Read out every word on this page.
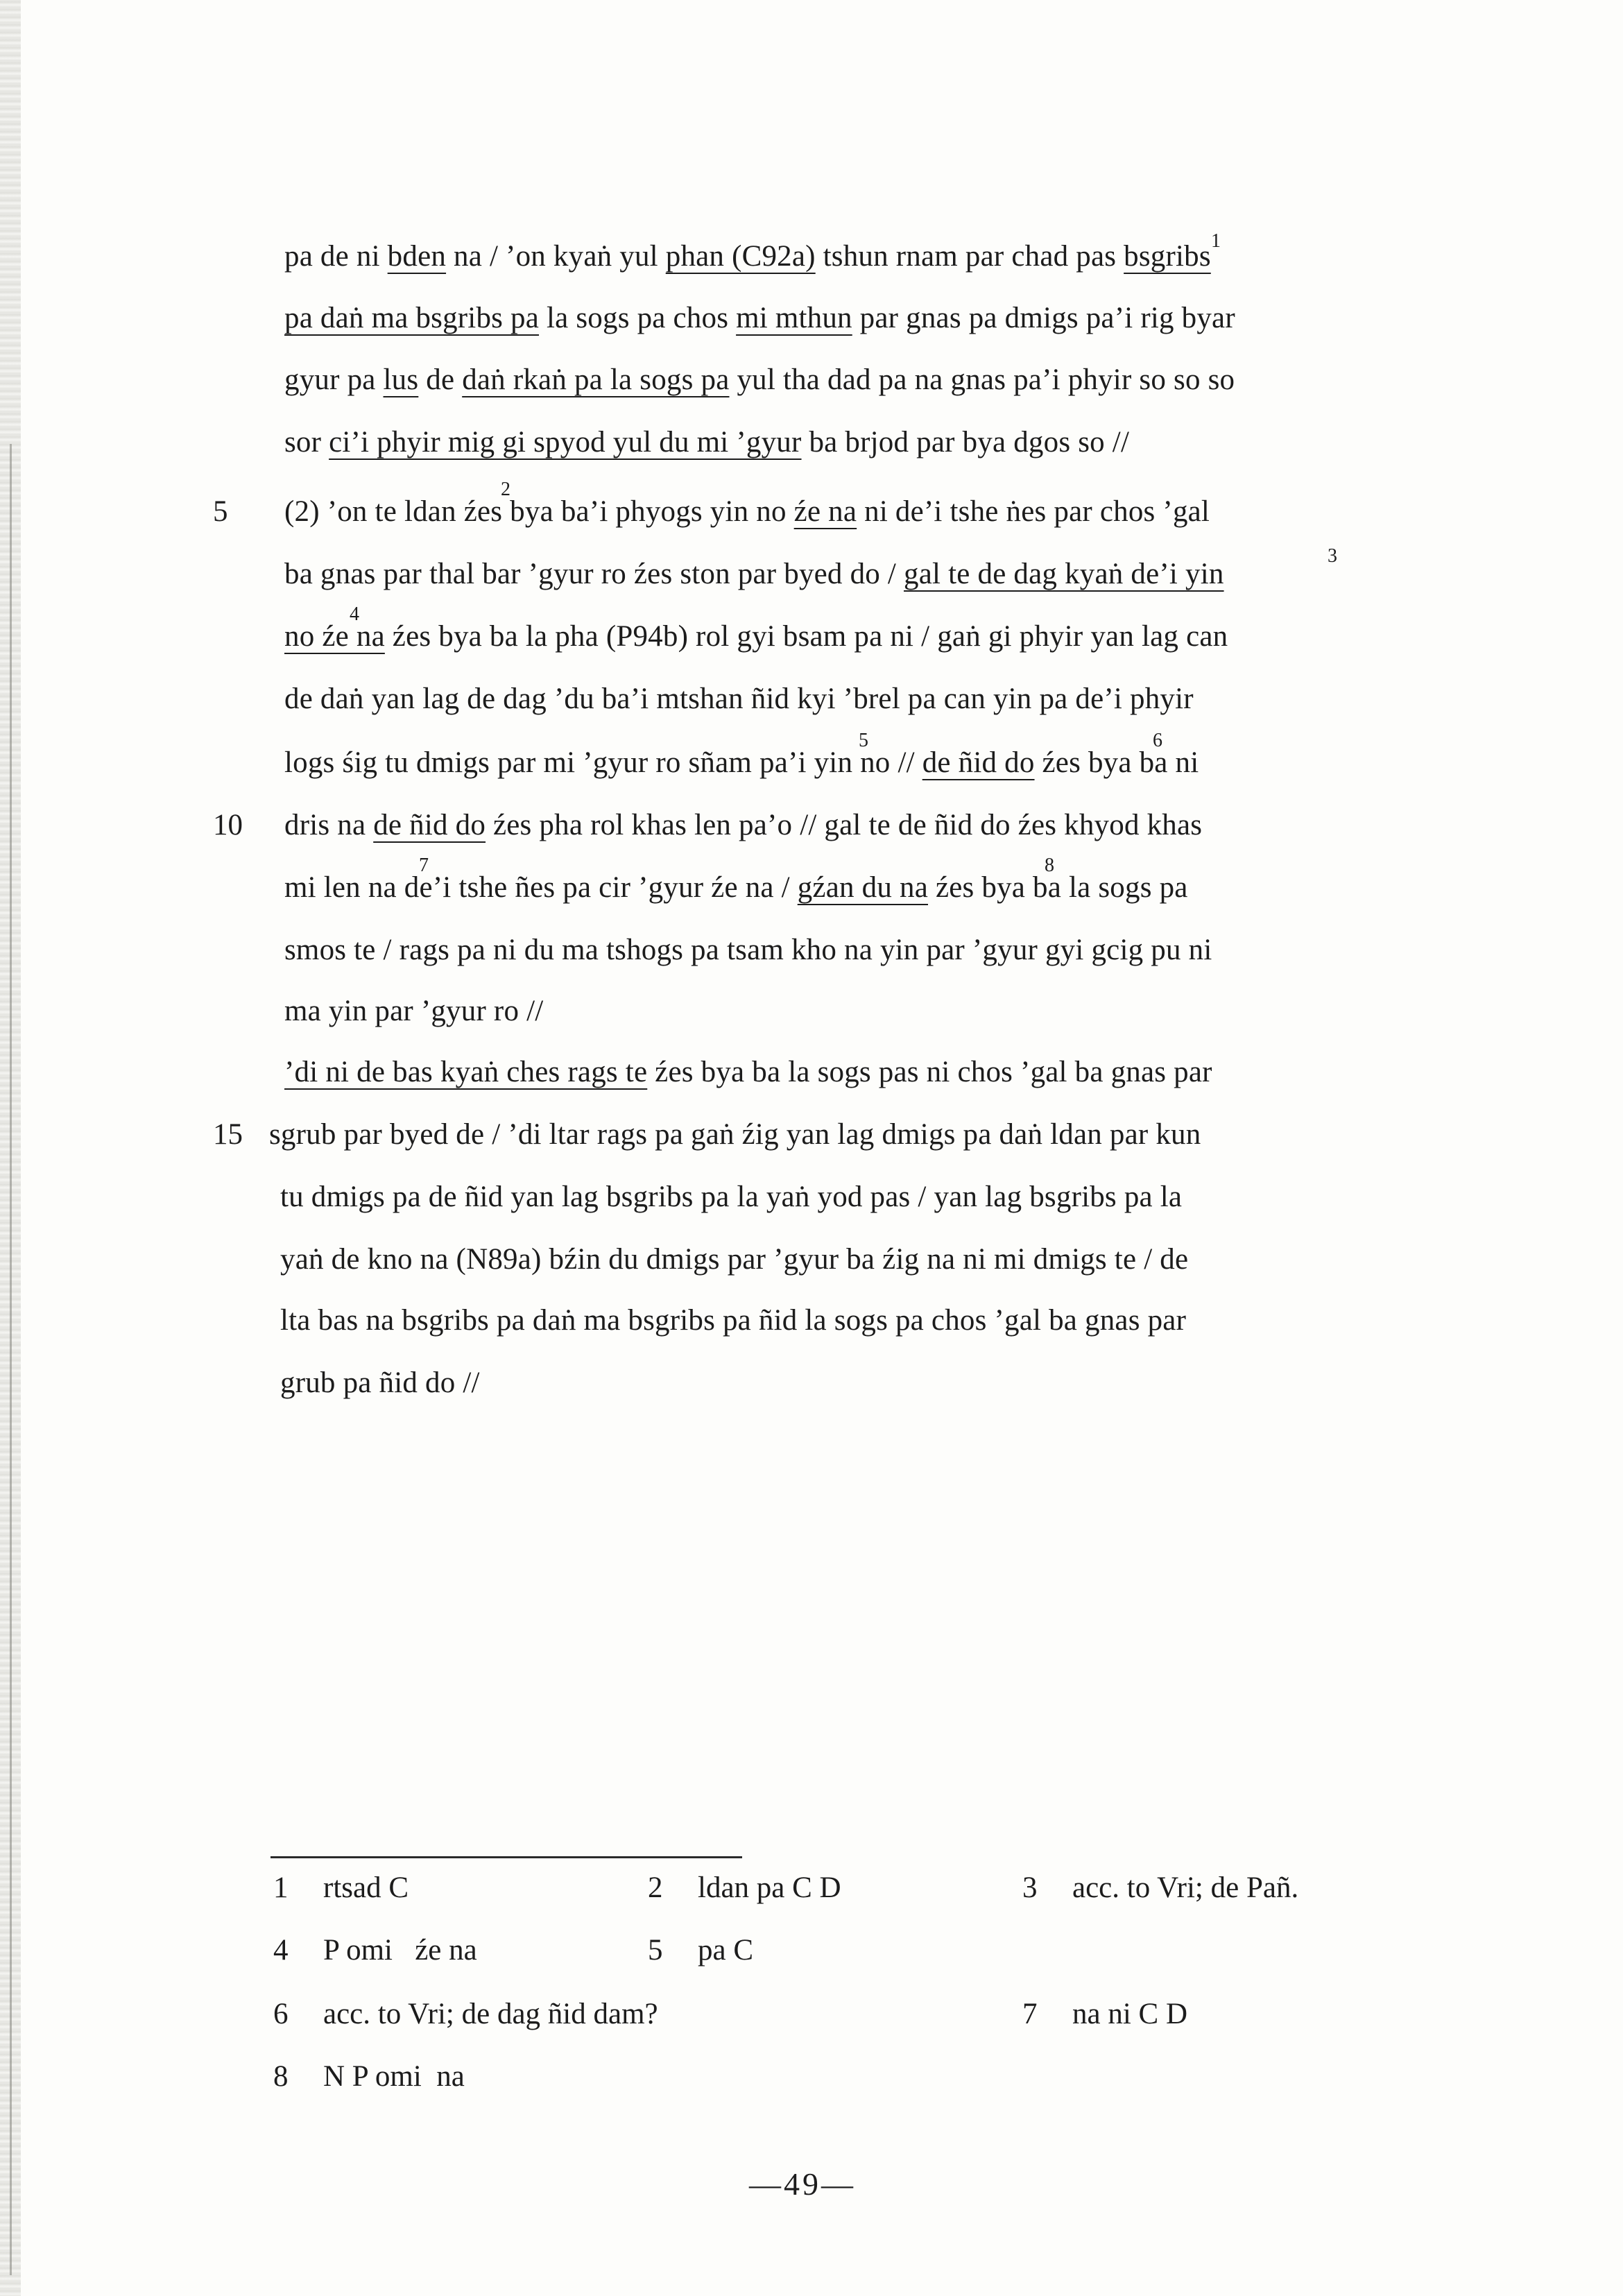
pa de ni bden na / ’on kyaṅ yul phan (C92a) tshun rnam par chad pas bsgribs 1
pa daṅ ma bsgribs pa la sogs pa chos mi mthun par gnas pa dmigs pa’i rig byar
gyur pa lus de daṅ rkaṅ pa la sogs pa yul tha dad pa na gnas pa’i phyir so so so
sor ci’i phyir mig gi spyod yul du mi ’gyur ba brjod par bya dgos so //
5 (2) ’on te ldan źes bya ba’i phyogs yin no źe na ni de’i tshe ṅes par chos ’gal
2
ba gnas par thal bar ’gyur ro źes ston par byed do / gal te de dag kyaṅ de’i yin
3
no źe na źes bya ba la pha (P94b) rol gyi bsam pa ni / gaṅ gi phyir yan lag can
4
de daṅ yan lag de dag ’du ba’i mtshan ñid kyi ’brel pa can yin pa de’i phyir
logs śig tu dmigs par mi ’gyur ro sñam pa’i yin no // de ñid do źes bya ba ni
5	6
10 dris na de ñid do źes pha rol khas len pa’o // gal te de ñid do źes khyod khas
mi len na de’i tshe ñes pa cir ’gyur źe na / gźan du na źes bya ba la sogs pa
7	8
smos te / rags pa ni du ma tshogs pa tsam kho na yin par ’gyur gyi gcig pu ni
ma yin par ’gyur ro //
’di ni de bas kyaṅ ches rags te źes bya ba la sogs pas ni chos ’gal ba gnas par
15 sgrub par byed de / ’di ltar rags pa gaṅ źig yan lag dmigs pa daṅ ldan par kun
tu dmigs pa de ñid yan lag bsgribs pa la yaṅ yod pas / yan lag bsgribs pa la
yaṅ de kno na (N89a) bźin du dmigs par ’gyur ba źig na ni mi dmigs te / de
lta bas na bsgribs pa daṅ ma bsgribs pa ñid la sogs pa chos ’gal ba gnas par
grub pa ñid do //
1 rtsad C	2 ldan pa C D	3 acc. to Vri; de Pañ.
4 P omi   źe na	5 pa C
6 acc. to Vri; de dag ñid dam?	7 na ni C D
8 N P omi  na
—49—
